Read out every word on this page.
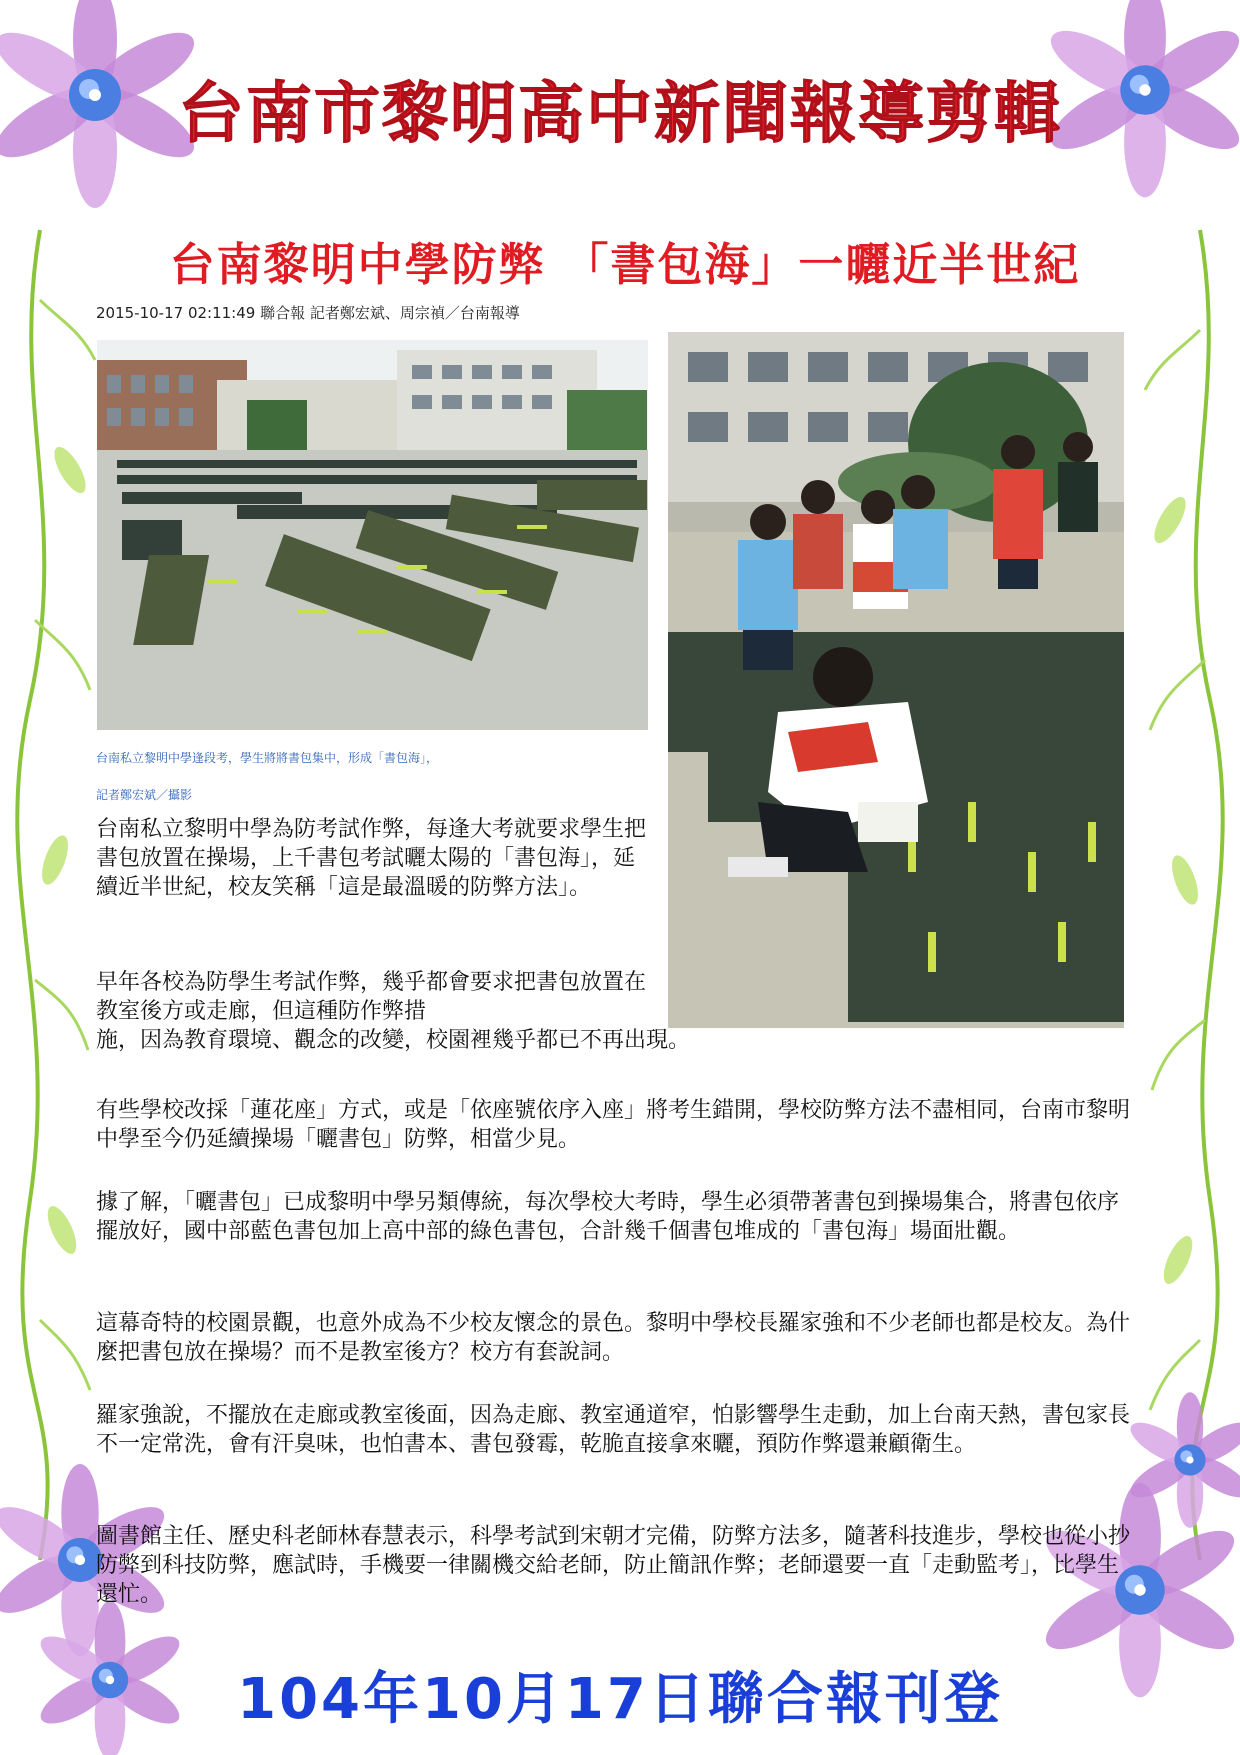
台南市黎明高中新聞報導剪輯
台南黎明中學防弊 「書包海」一曬近半世紀
2015-10-17 02:11:49 聯合報 記者鄭宏斌、周宗禎／台南報導
台南私立黎明中學逢段考，學生將將書包集中，形成「書包海」，
記者鄭宏斌／攝影

台南私立黎明中學為防考試作弊，每逢大考就要求學生把書包放置在操場，上千書包考試曬太陽的「書包海」，延續近半世紀，校友笑稱「這是最溫暖的防弊方法」。

早年各校為防學生考試作弊，幾乎都會要求把書包放置在教室後方或走廊，但這種防作弊措

施，因為教育環境、觀念的改變，校園裡幾乎都已不再出現。

有些學校改採「蓮花座」方式，或是「依座號依序入座」將考生錯開，學校防弊方法不盡相同，台南市黎明中學至今仍延續操場「曬書包」防弊，相當少見。

據了解，「曬書包」已成黎明中學另類傳統，每次學校大考時，學生必須帶著書包到操場集合，將書包依序擺放好，國中部藍色書包加上高中部的綠色書包，合計幾千個書包堆成的「書包海」場面壯觀。

這幕奇特的校園景觀，也意外成為不少校友懷念的景色。黎明中學校長羅家強和不少老師也都是校友。為什麼把書包放在操場？而不是教室後方？校方有套說詞。

羅家強說，不擺放在走廊或教室後面，因為走廊、教室通道窄，怕影響學生走動，加上台南天熱，書包家長不一定常洗，會有汗臭味，也怕書本、書包發霉，乾脆直接拿來曬，預防作弊還兼顧衛生。

圖書館主任、歷史科老師林春慧表示，科學考試到宋朝才完備，防弊方法多，隨著科技進步，學校也從小抄防弊到科技防弊，應試時，手機要一律關機交給老師，防止簡訊作弊；老師還要一直「走動監考」，比學生還忙。

104年10月17日聯合報刊登
